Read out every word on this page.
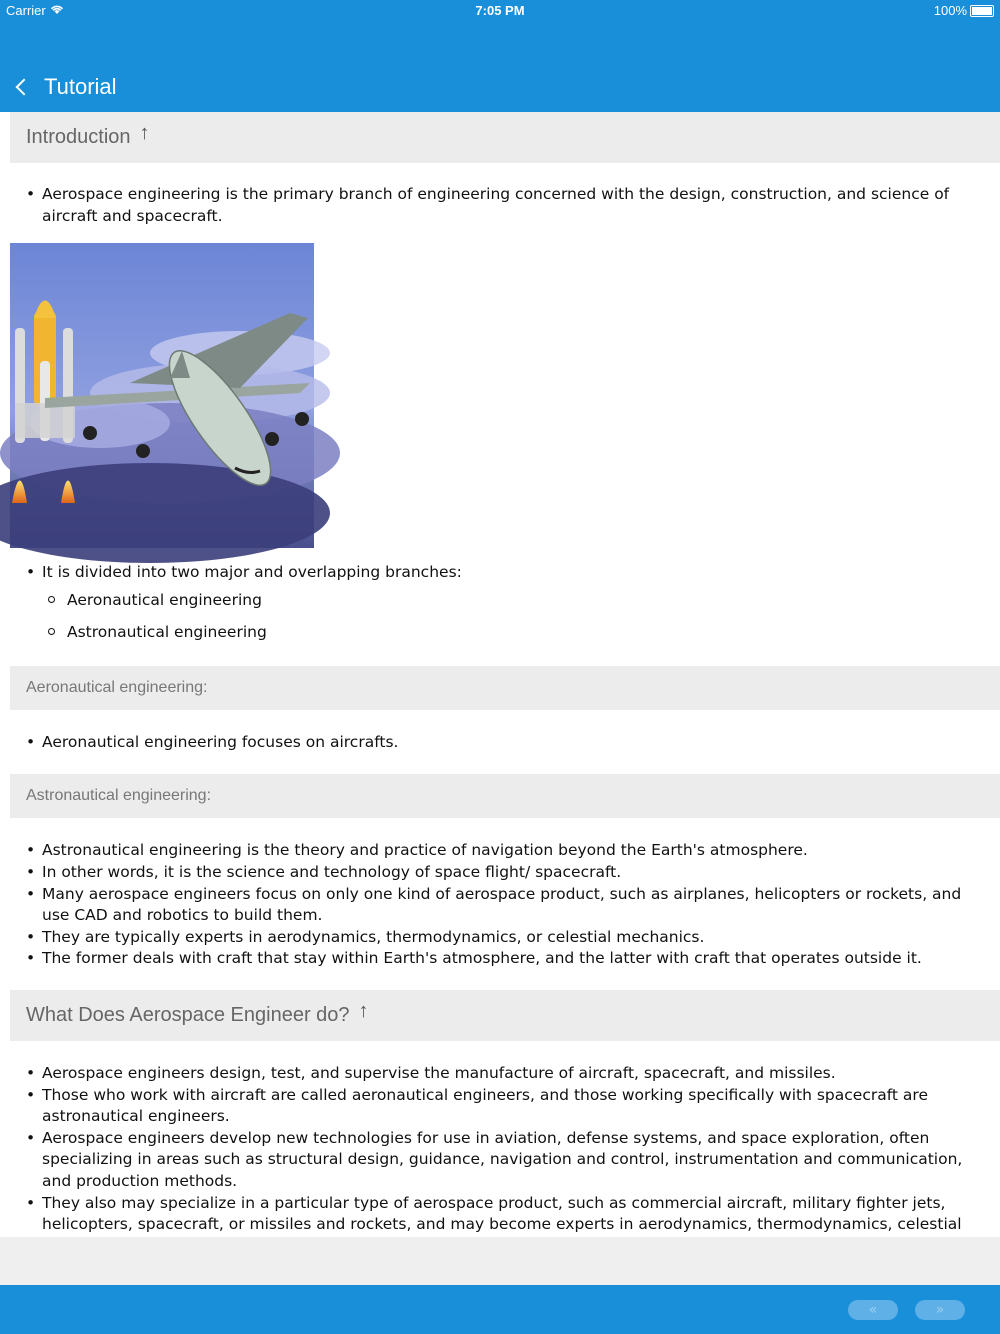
Carrier	7:05 PM	100%
Tutorial
Introduction ↑
• Aerospace engineering is the primary branch of engineering concerned with the design, construction, and science of aircraft and spacecraft.
• It is divided into two major and overlapping branches:
Aeronautical engineering
Astronautical engineering
Aeronautical engineering:
• Aeronautical engineering focuses on aircrafts.
Astronautical engineering:
• Astronautical engineering is the theory and practice of navigation beyond the Earth's atmosphere.
• In other words, it is the science and technology of space flight/ spacecraft.
• Many aerospace engineers focus on only one kind of aerospace product, such as airplanes, helicopters or rockets, and use CAD and robotics to build them.
• They are typically experts in aerodynamics, thermodynamics, or celestial mechanics.
• The former deals with craft that stay within Earth's atmosphere, and the latter with craft that operates outside it.
What Does Aerospace Engineer do? ↑
• Aerospace engineers design, test, and supervise the manufacture of aircraft, spacecraft, and missiles.
• Those who work with aircraft are called aeronautical engineers, and those working specifically with spacecraft are astronautical engineers.
• Aerospace engineers develop new technologies for use in aviation, defense systems, and space exploration, often specializing in areas such as structural design, guidance, navigation and control, instrumentation and communication, and production methods.
• They also may specialize in a particular type of aerospace product, such as commercial aircraft, military fighter jets, helicopters, spacecraft, or missiles and rockets, and may become experts in aerodynamics, thermodynamics, celestial
«	»
